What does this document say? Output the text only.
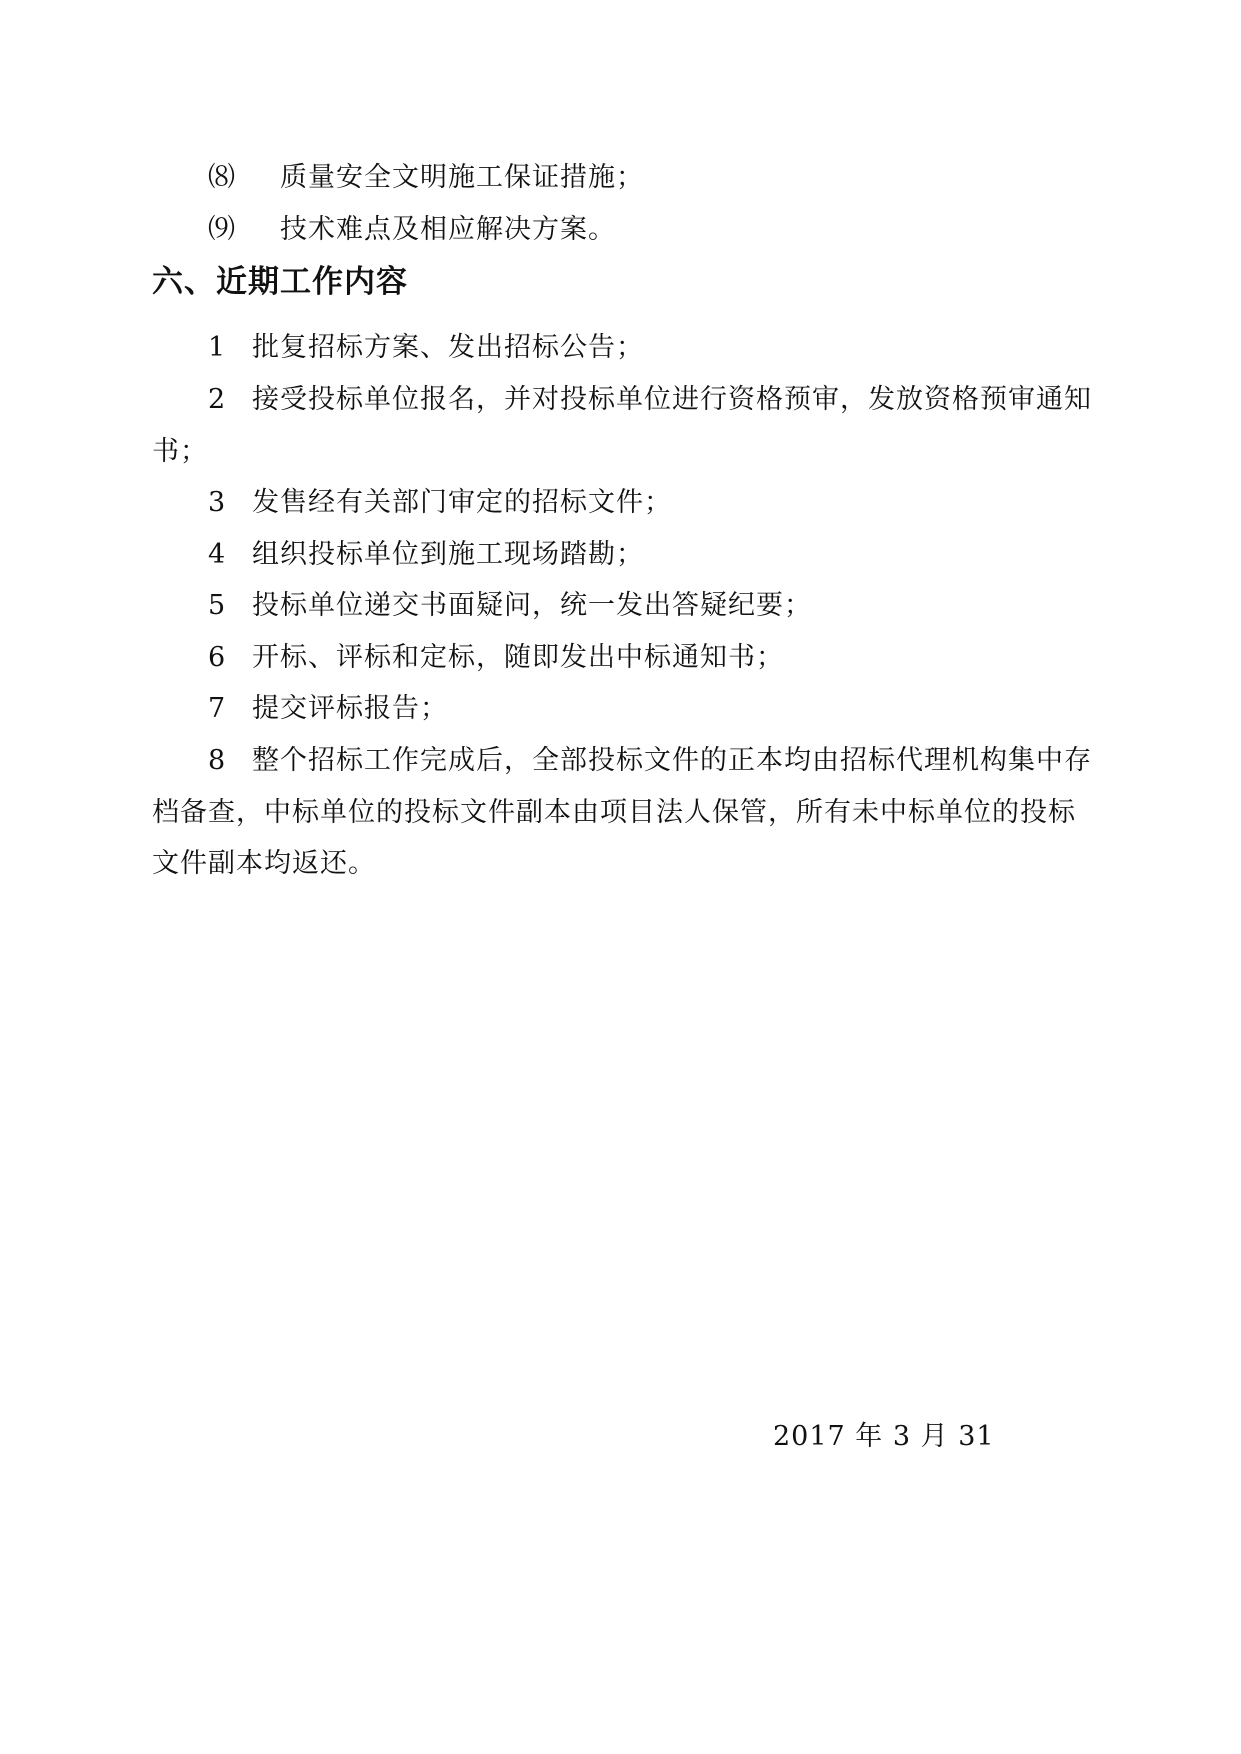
⑻ 质量安全文明施工保证措施；
⑼ 技术难点及相应解决方案。
六、近期工作内容
1 批复招标方案、发出招标公告；
2 接受投标单位报名，并对投标单位进行资格预审，发放资格预审通知
书；
3 发售经有关部门审定的招标文件；
4 组织投标单位到施工现场踏勘；
5 投标单位递交书面疑问，统一发出答疑纪要；
6 开标、评标和定标，随即发出中标通知书；
7 提交评标报告；
8 整个招标工作完成后，全部投标文件的正本均由招标代理机构集中存
档备查，中标单位的投标文件副本由项目法人保管，所有未中标单位的投标
文件副本均返还。
2017 年 3 月 31
